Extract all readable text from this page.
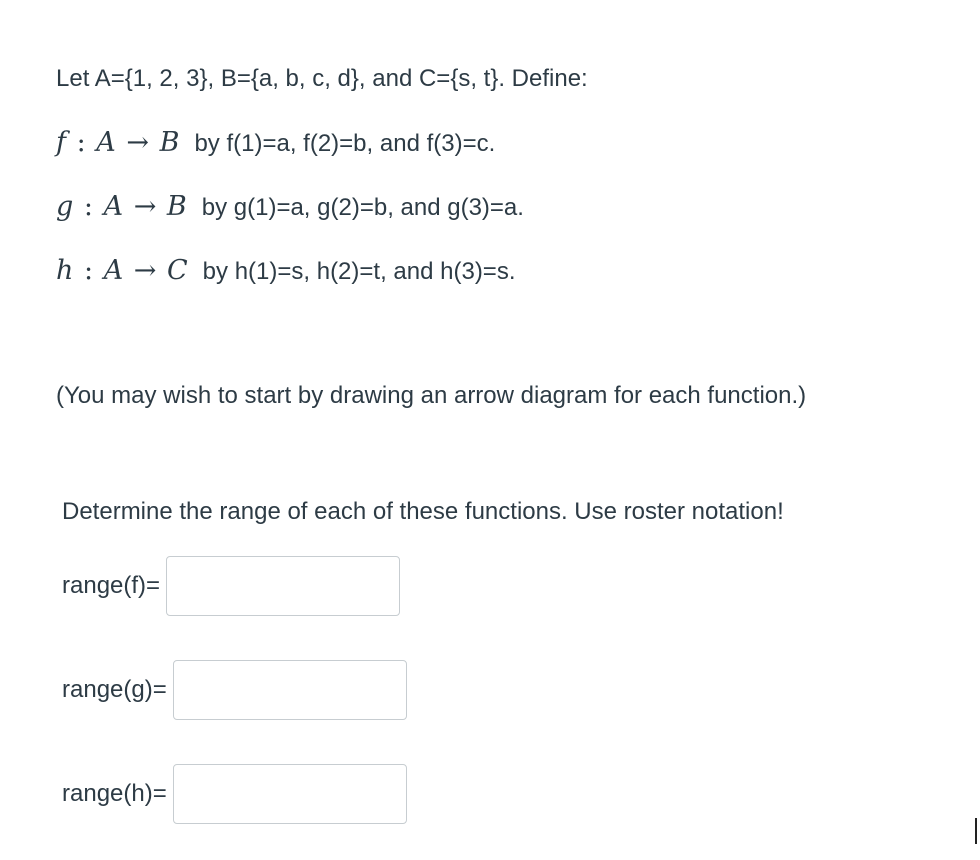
Let A={1, 2, 3}, B={a, b, c, d}, and C={s, t}. Define:
f : A → B by f(1)=a, f(2)=b, and f(3)=c.
g : A → B by g(1)=a, g(2)=b, and g(3)=a.
h : A → C by h(1)=s, h(2)=t, and h(3)=s.
(You may wish to start by drawing an arrow diagram for each function.)
Determine the range of each of these functions. Use roster notation!
range(f)=
range(g)=
range(h)=
